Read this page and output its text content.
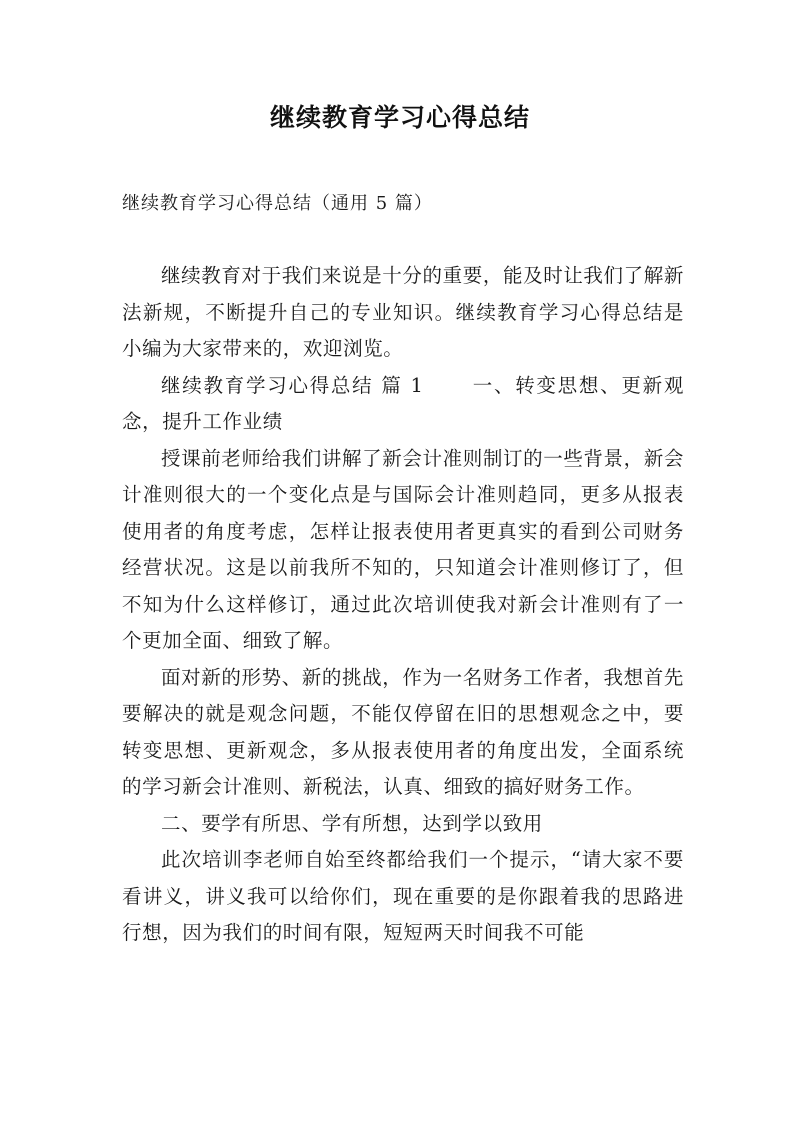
继续教育学习心得总结

继续教育学习心得总结（通用 5 篇）

继续教育对于我们来说是十分的重要，能及时让我们了解新法新规，不断提升自己的专业知识。继续教育学习心得总结是小编为大家带来的，欢迎浏览。

继续教育学习心得总结 篇 1 一、转变思想、更新观念，提升工作业绩

授课前老师给我们讲解了新会计准则制订的一些背景，新会计准则很大的一个变化点是与国际会计准则趋同，更多从报表使用者的角度考虑，怎样让报表使用者更真实的看到公司财务经营状况。这是以前我所不知的，只知道会计准则修订了，但不知为什么这样修订，通过此次培训使我对新会计准则有了一个更加全面、细致了解。

面对新的形势、新的挑战，作为一名财务工作者，我想首先要解决的就是观念问题，不能仅停留在旧的思想观念之中，要转变思想、更新观念，多从报表使用者的角度出发，全面系统的学习新会计准则、新税法，认真、细致的搞好财务工作。

二、要学有所思、学有所想，达到学以致用

此次培训李老师自始至终都给我们一个提示，“请大家不要看讲义，讲义我可以给你们，现在重要的是你跟着我的思路进行想，因为我们的时间有限，短短两天时间我不可能
